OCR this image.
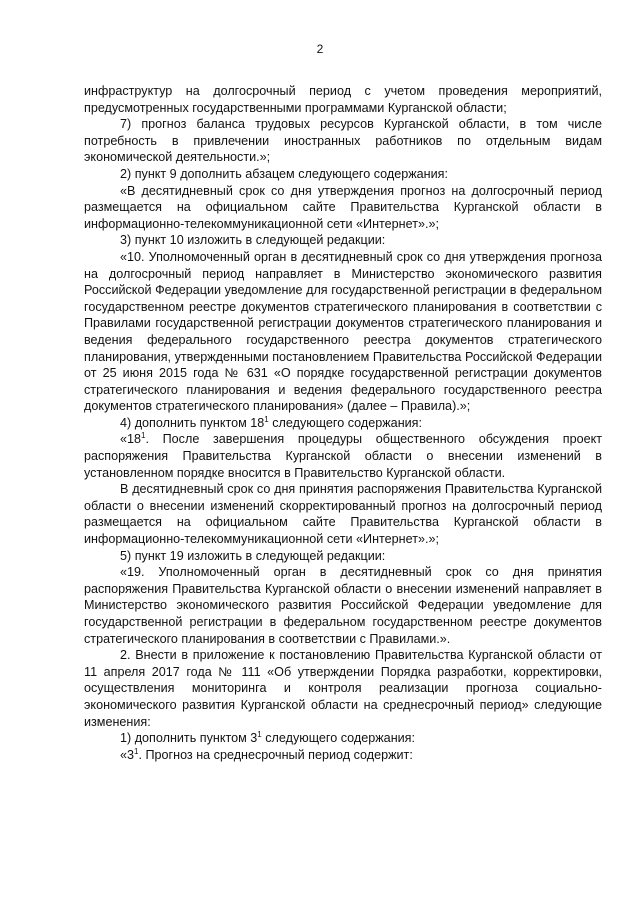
2

инфраструктур на долгосрочный период с учетом проведения мероприятий, предусмотренных государственными программами Курганской области;

7) прогноз баланса трудовых ресурсов Курганской области, в том числе потребность в привлечении иностранных работников по отдельным видам экономической деятельности.»;

2) пункт 9 дополнить абзацем следующего содержания:

«В десятидневный срок со дня утверждения прогноз на долгосрочный период размещается на официальном сайте Правительства Курганской области в информационно-телекоммуникационной сети «Интернет».»;

3) пункт 10 изложить в следующей редакции:

«10. Уполномоченный орган в десятидневный срок со дня утверждения прогноза на долгосрочный период направляет в Министерство экономического развития Российской Федерации уведомление для государственной регистрации в федеральном государственном реестре документов стратегического планирования в соответствии с Правилами государственной регистрации документов стратегического планирования и ведения федерального государственного реестра документов стратегического планирования, утвержденными постановлением Правительства Российской Федерации от 25 июня 2015 года № 631 «О порядке государственной регистрации документов стратегического планирования и ведения федерального государственного реестра документов стратегического планирования» (далее – Правила).»;

4) дополнить пунктом $18^1$ следующего содержания:

«$18^1$. После завершения процедуры общественного обсуждения проект распоряжения Правительства Курганской области о внесении изменений в установленном порядке вносится в Правительство Курганской области.

В десятидневный срок со дня принятия распоряжения Правительства Курганской области о внесении изменений скорректированный прогноз на долгосрочный период размещается на официальном сайте Правительства Курганской области в информационно-телекоммуникационной сети «Интернет».»;

5) пункт 19 изложить в следующей редакции:

«19. Уполномоченный орган в десятидневный срок со дня принятия распоряжения Правительства Курганской области о внесении изменений направляет в Министерство экономического развития Российской Федерации уведомление для государственной регистрации в федеральном государственном реестре документов стратегического планирования в соответствии с Правилами.».

2. Внести в приложение к постановлению Правительства Курганской области от 11 апреля 2017 года № 111 «Об утверждении Порядка разработки, корректировки, осуществления мониторинга и контроля реализации прогноза социально-экономического развития Курганской области на среднесрочный период» следующие изменения:

1) дополнить пунктом $3^1$ следующего содержания:

«$3^1$. Прогноз на среднесрочный период содержит:
